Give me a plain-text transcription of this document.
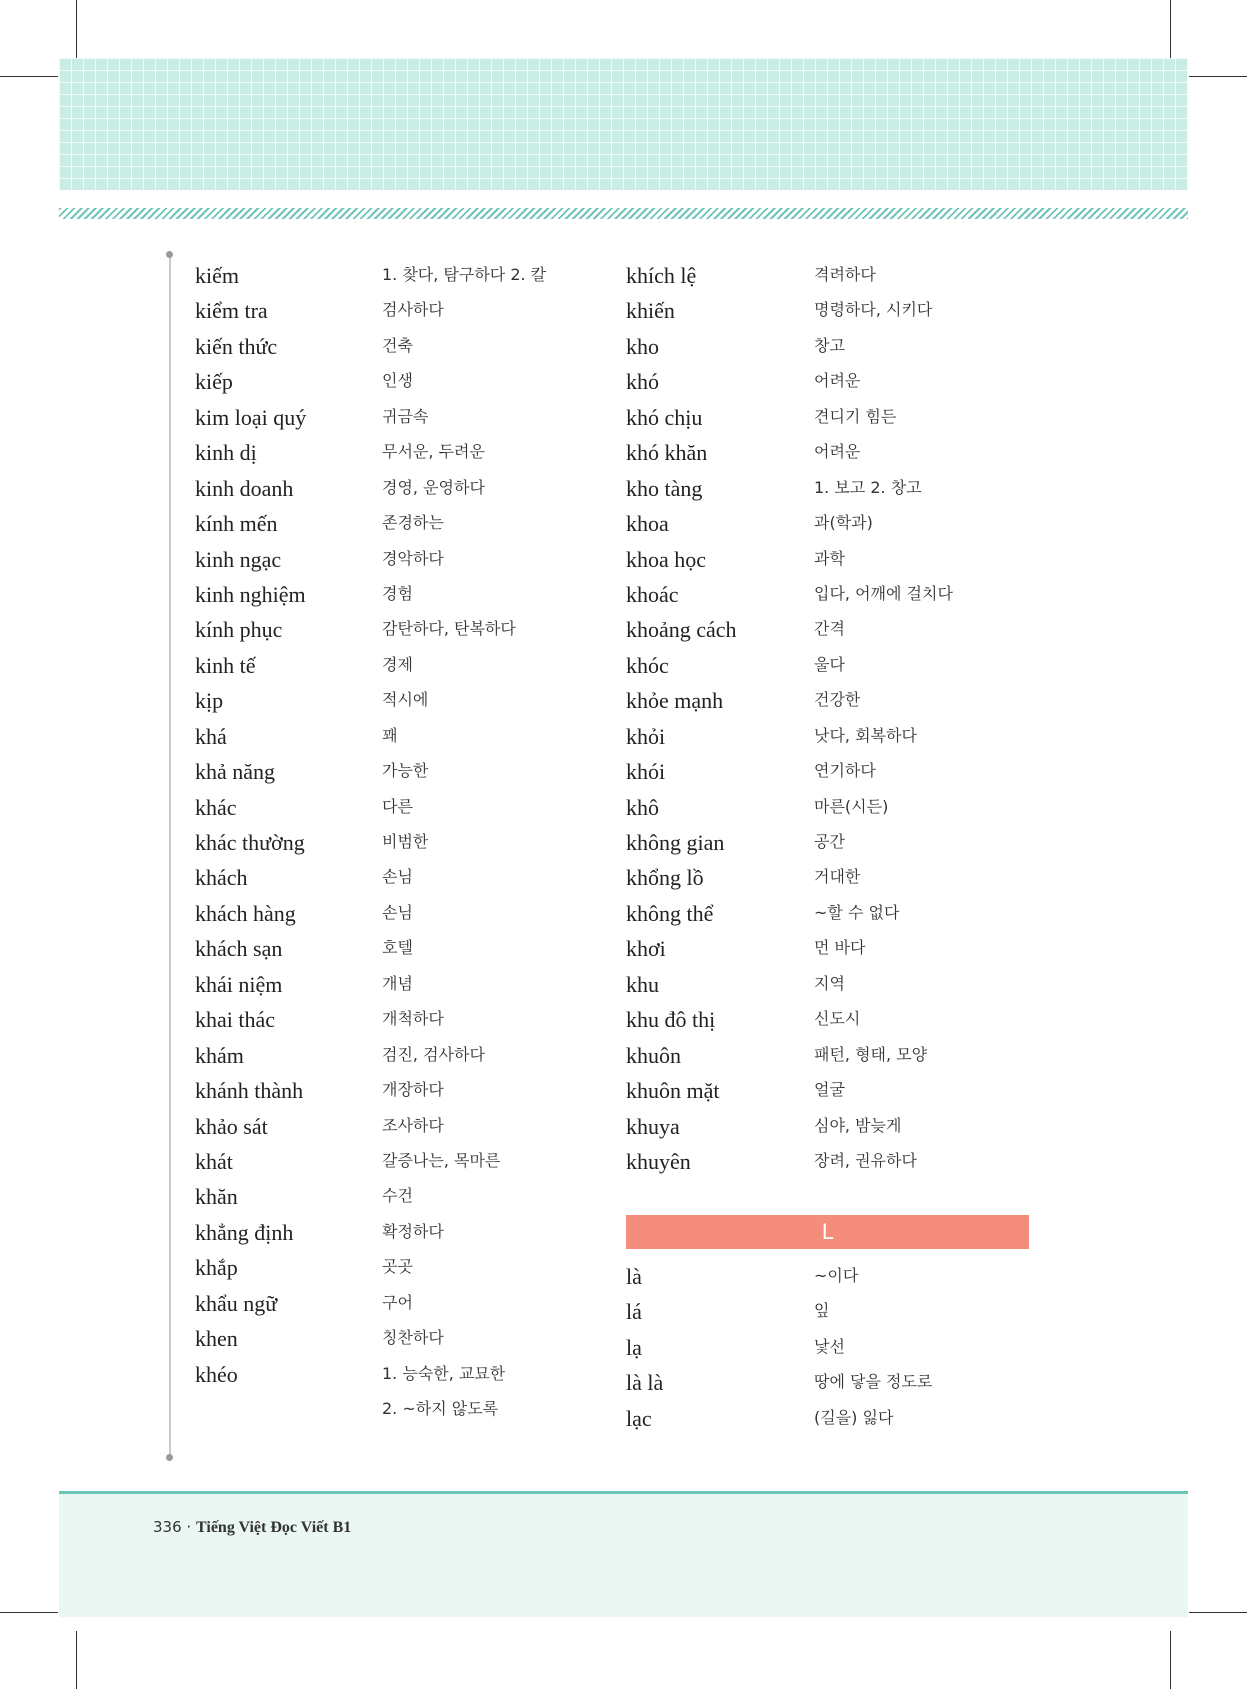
kiếm	1. 찾다, 탐구하다 2. 칼
kiểm tra	검사하다
kiến thức	건축
kiếp	인생
kim loại quý	귀금속
kinh dị	무서운, 두려운
kinh doanh	경영, 운영하다
kính mến	존경하는
kinh ngạc	경악하다
kinh nghiệm	경험
kính phục	감탄하다, 탄복하다
kinh tế	경제
kịp	적시에
khá	꽤
khả năng	가능한
khác	다른
khác thường	비범한
khách	손님
khách hàng	손님
khách sạn	호텔
khái niệm	개념
khai thác	개척하다
khám	검진, 검사하다
khánh thành	개장하다
khảo sát	조사하다
khát	갈증나는, 목마른
khăn	수건
khẳng định	확정하다
khắp	곳곳
khẩu ngữ	구어
khen	칭찬하다
khéo	1. 능숙한, 교묘한
2. ~하지 않도록
khích lệ	격려하다
khiến	명령하다, 시키다
kho	창고
khó	어려운
khó chịu	견디기 힘든
khó khăn	어려운
kho tàng	1. 보고 2. 창고
khoa	과(학과)
khoa học	과학
khoác	입다, 어깨에 걸치다
khoảng cách	간격
khóc	울다
khỏe mạnh	건강한
khỏi	낫다, 회복하다
khói	연기하다
khô	마른(시든)
không gian	공간
khổng lồ	거대한
không thể	~할 수 없다
khơi	먼 바다
khu	지역
khu đô thị	신도시
khuôn	패턴, 형태, 모양
khuôn mặt	얼굴
khuya	심야, 밤늦게
khuyên	장려, 권유하다
L
là	~이다
lá	잎
lạ	낯선
là là	땅에 닿을 정도로
lạc	(길을) 잃다
336 · Tiếng Việt Đọc Viết B1
